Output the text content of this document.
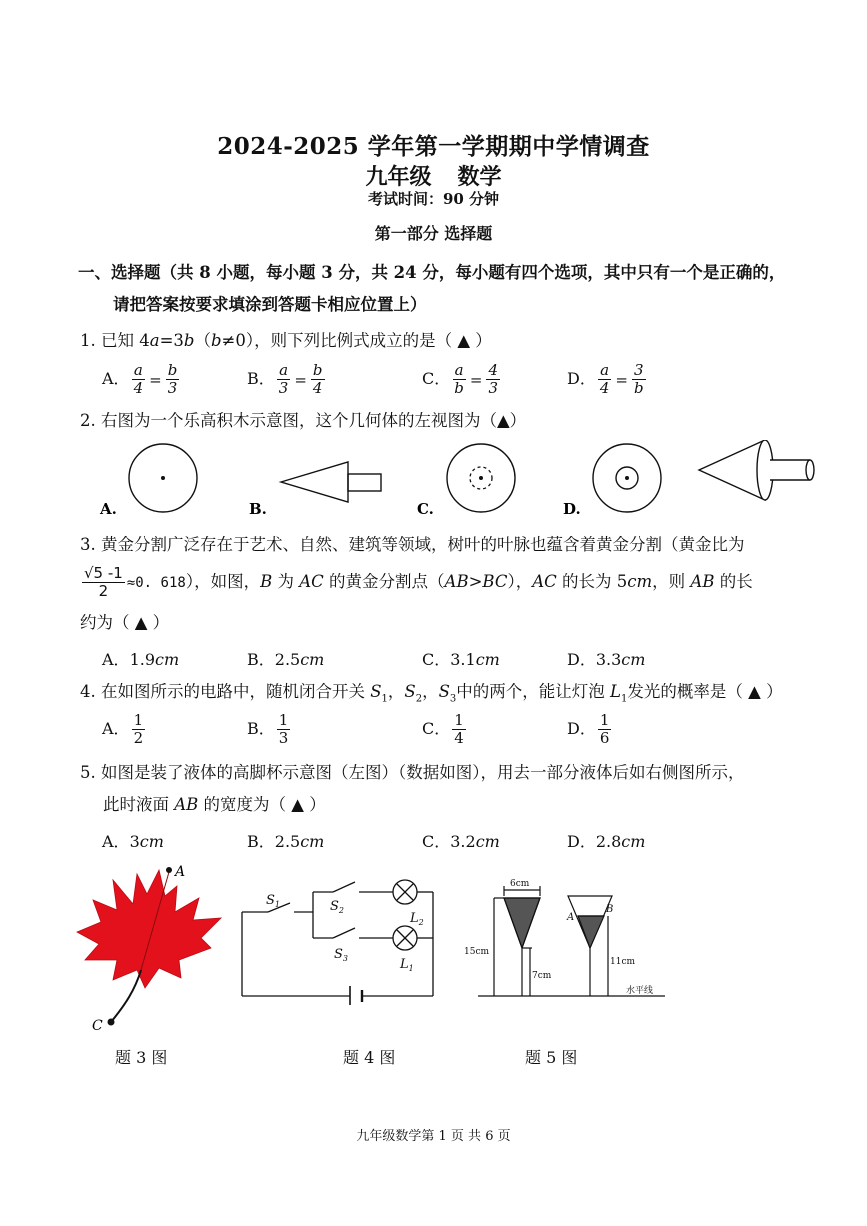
2024-2025 学年第一学期期中学情调查
九年级 数学
考试时间：90 分钟
第一部分 选择题
一、选择题（共 8 小题，每小题 3 分，共 24 分，每小题有四个选项，其中只有一个是正确的，
请把答案按要求填涂到答题卡相应位置上）
1. 已知 4a=3b（b≠0），则下列比例式成立的是（ ▲ ）
A． $\frac{a}{4} = \frac{b}{3}$	B． $\frac{a}{3} = \frac{b}{4}$	C． $\frac{a}{b} = \frac{4}{3}$	D． $\frac{a}{4} = \frac{3}{b}$
2. 右图为一个乐高积木示意图，这个几何体的左视图为（▲）
A.	B.	C.	D.
3. 黄金分割广泛存在于艺术、自然、建筑等领域，树叶的叶脉也蕴含着黄金分割（黄金比为
$\frac{√5 -1}{2} \approx 0$. 618），如图，B 为 AC 的黄金分割点（AB>BC），AC 的长为 5cm，则 AB 的长
约为（ ▲ ）
A．1.9cm	B．2.5cm	C．3.1cm	D．3.3cm
4. 在如图所示的电路中，随机闭合开关 $S_1$，$S_2$，$S_3$中的两个，能让灯泡 $L_1$发光的概率是（ ▲ ）
A． $\frac{1}{2}$	B． $\frac{1}{3}$	C． $\frac{1}{4}$	D． $\frac{1}{6}$
5. 如图是装了液体的高脚杯示意图（左图）（数据如图），用去一部分液体后如右侧图所示，
此时液面 AB 的宽度为（ ▲ ）
A．3cm	B．2.5cm	C．3.2cm	D．2.8cm
A
C
$S_1$	$S_2$
$S_3$
$L_2$
$L_1$
6cm
15cm
7cm
11cm
A
B
水平线
题 3 图	题 4 图	题 5 图
九年级数学第 1 页 共 6 页
